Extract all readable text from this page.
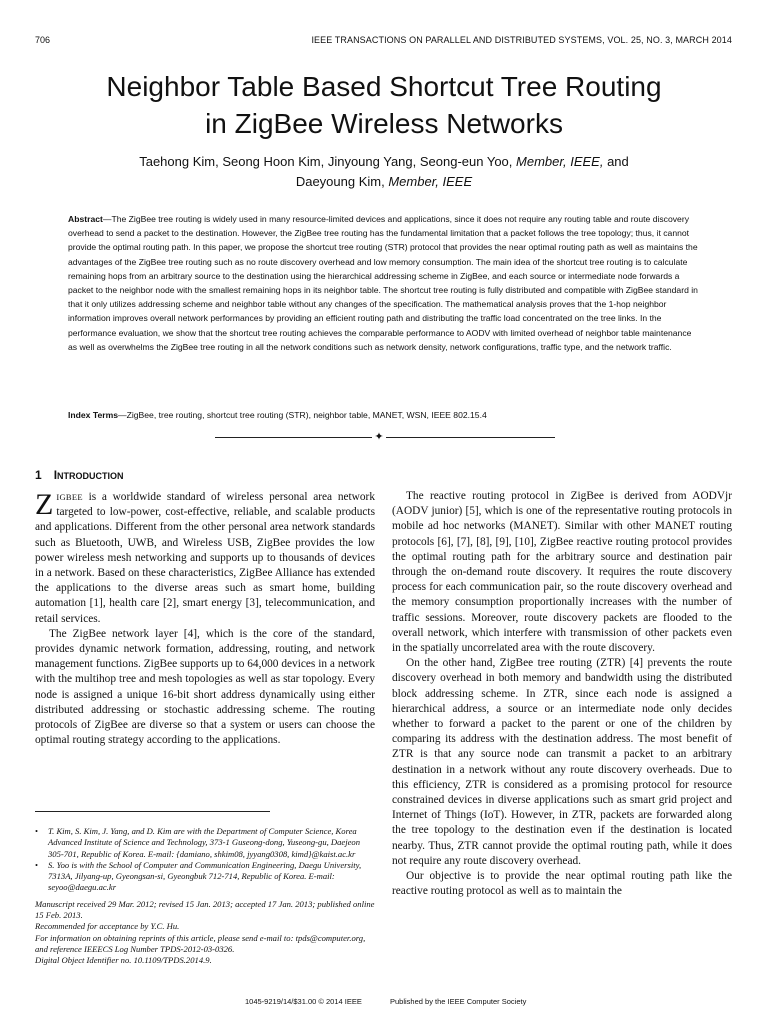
706	IEEE TRANSACTIONS ON PARALLEL AND DISTRIBUTED SYSTEMS, VOL. 25, NO. 3, MARCH 2014
Neighbor Table Based Shortcut Tree Routing
in ZigBee Wireless Networks
Taehong Kim, Seong Hoon Kim, Jinyoung Yang, Seong-eun Yoo, Member, IEEE, and
Daeyoung Kim, Member, IEEE
Abstract—The ZigBee tree routing is widely used in many resource-limited devices and applications, since it does not require any routing table and route discovery overhead to send a packet to the destination. However, the ZigBee tree routing has the fundamental limitation that a packet follows the tree topology; thus, it cannot provide the optimal routing path. In this paper, we propose the shortcut tree routing (STR) protocol that provides the near optimal routing path as well as maintains the advantages of the ZigBee tree routing such as no route discovery overhead and low memory consumption. The main idea of the shortcut tree routing is to calculate remaining hops from an arbitrary source to the destination using the hierarchical addressing scheme in ZigBee, and each source or intermediate node forwards a packet to the neighbor node with the smallest remaining hops in its neighbor table. The shortcut tree routing is fully distributed and compatible with ZigBee standard in that it only utilizes addressing scheme and neighbor table without any changes of the specification. The mathematical analysis proves that the 1-hop neighbor information improves overall network performances by providing an efficient routing path and distributing the traffic load concentrated on the tree links. In the performance evaluation, we show that the shortcut tree routing achieves the comparable performance to AODV with limited overhead of neighbor table maintenance as well as overwhelms the ZigBee tree routing in all the network conditions such as network density, network configurations, traffic type, and the network traffic.
Index Terms—ZigBee, tree routing, shortcut tree routing (STR), neighbor table, MANET, WSN, IEEE 802.15.4
✦
1 INTRODUCTION

ZIGBEE is a worldwide standard of wireless personal area network targeted to low-power, cost-effective, reliable, and scalable products and applications. Different from the other personal area network standards such as Bluetooth, UWB, and Wireless USB, ZigBee provides the low power wireless mesh networking and supports up to thousands of devices in a network. Based on these characteristics, ZigBee Alliance has extended the applications to the diverse areas such as smart home, building automation [1], health care [2], smart energy [3], telecommunication, and retail services.

The ZigBee network layer [4], which is the core of the standard, provides dynamic network formation, addressing, routing, and network management functions. ZigBee supports up to 64,000 devices in a network with the multihop tree and mesh topologies as well as star topology. Every node is assigned a unique 16-bit short address dynamically using either distributed addressing or stochastic addressing scheme. The routing protocols of ZigBee are diverse so that a system or users can choose the optimal routing strategy according to the applications.

• T. Kim, S. Kim, J. Yang, and D. Kim are with the Department of Computer Science, Korea Advanced Institute of Science and Technology, 373-1 Guseong-dong, Yuseong-gu, Daejeon 305-701, Republic of Korea. E-mail: {damiano, shkim08, jyyang0308, kimd}@kaist.ac.kr
• S. Yoo is with the School of Computer and Communication Engineering, Daegu University, 7313A, Jilyang-up, Gyeongsan-si, Gyeongbuk 712-714, Republic of Korea. E-mail: seyoo@daegu.ac.kr
Manuscript received 29 Mar. 2012; revised 15 Jan. 2013; accepted 17 Jan. 2013; published online 15 Feb. 2013.
Recommended for acceptance by Y.C. Hu.
For information on obtaining reprints of this article, please send e-mail to: tpds@computer.org, and reference IEEECS Log Number TPDS-2012-03-0326.
Digital Object Identifier no. 10.1109/TPDS.2014.9.

The reactive routing protocol in ZigBee is derived from AODVjr (AODV junior) [5], which is one of the representative routing protocols in mobile ad hoc networks (MANET). Similar with other MANET routing protocols [6], [7], [8], [9], [10], ZigBee reactive routing protocol provides the optimal routing path for the arbitrary source and destination pair through the on-demand route discovery. It requires the route discovery process for each communication pair, so the route discovery overhead and the memory consumption proportionally increases with the number of traffic sessions. Moreover, route discovery packets are flooded to the overall network, which interfere with transmission of other packets even in the spatially uncorrelated area with the route discovery.

On the other hand, ZigBee tree routing (ZTR) [4] prevents the route discovery overhead in both memory and bandwidth using the distributed block addressing scheme. In ZTR, since each node is assigned a hierarchical address, a source or an intermediate node only decides whether to forward a packet to the parent or one of the children by comparing its address with the destination address. The most benefit of ZTR is that any source node can transmit a packet to an arbitrary destination in a network without any route discovery overheads. Due to this efficiency, ZTR is considered as a promising protocol for resource constrained devices in diverse applications such as smart grid project and Internet of Things (IoT). However, in ZTR, packets are forwarded along the tree topology to the destination even if the destination is located nearby. Thus, ZTR cannot provide the optimal routing path, while it does not require any route discovery overhead.

Our objective is to provide the near optimal routing path like the reactive routing protocol as well as to maintain the

1045-9219/14/$31.00 © 2014 IEEE	Published by the IEEE Computer Society
